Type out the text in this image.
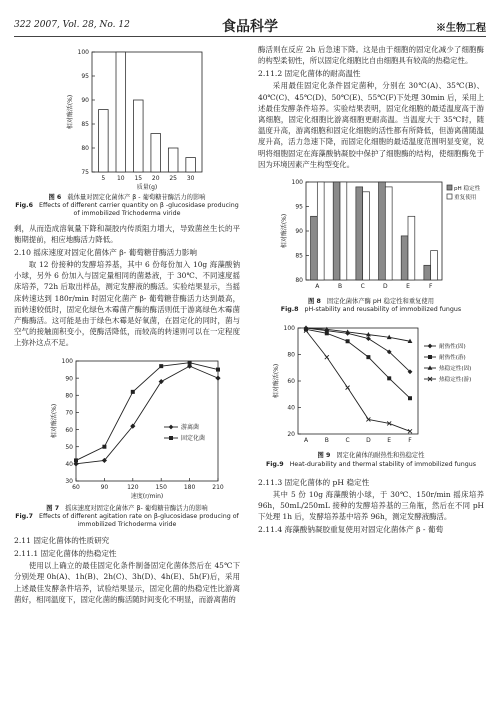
322 2007, Vol. 28, No. 12	食品科学	※生物工程
75
80
85
90
95
100
相对酶活(%)
5 10 15 20 25 30
质量(g)
图 6 载体量对固定化菌体产 β - 葡萄糖苷酶活力的影响
Fig.6 Effects of different carrier quantity on β -glucosidase producing of immobilized Trichoderma viride

剩，从而造成溶氧量下降和凝胶内传质阻力增大，导致菌丝生长的平衡期提前，相应地酶活力降低。

2.10 摇床速度对固定化菌体产 β- 葡萄糖苷酶活力影响

取 12 份接种的发酵培养基，其中 6 份每份加入 10g 海藻酸钠小球，另外 6 份加入与固定量相同的菌悬液，于 30℃、不同速度摇床培养，72h 后取出样品，测定发酵液的酶活。实验结果显示，当摇床转速达到 180r/min 时固定化菌产 β- 葡萄糖苷酶活力达到最高，而转速较低时，固定化绿色木霉菌产酶的酶活则低于游离绿色木霉菌产酶酶活。这可能是由于绿色木霉是好氧菌，在固定化的同时，菌与空气的接触面积变小，使酶活降低，而较高的转速则可以在一定程度上弥补这点不足。

30
40
50
60
70
80
90
100
相对酶活(%)
60	90	120	150	180	210
游离菌
固定化菌
速度(r/min)
图 7 摇床速度对固定化菌体产 β- 葡萄糖苷酶活力的影响
Fig.7 Effects of different agitation rate on β-glucosidase producing of immobilized Trichoderma viride
2.11 固定化菌体的性质研究
2.11.1 固定化菌体的热稳定性

使用以上确立的最佳固定化条件制备固定化菌体然后在 45℃下分别处理 0h(A)、1h(B)、2h(C)、3h(D)、4h(E)、5h(F)后，采用上述最佳发酵条件培养，试验结果显示，固定化菌的热稳定性比游离菌好，相同温度下，固定化菌的酶活随时间变化不明显，而游离菌的

酶活则在反应 2h 后急速下降。这是由于细胞的固定化减少了细胞酶的构型柔韧性，所以固定化细胞比自由细胞具有较高的热稳定性。

2.11.2 固定化菌体的耐高温性

采用最佳固定化条件固定菌种，分别在 30℃(A)、35℃(B)、40℃(C)、45℃(D)、50℃(E)、55℃(F)下处理 30min 后，采用上述最佳发酵条件培养。实验结果表明，固定化细胞的最适温度高于游离细胞，固定化细胞比游离细胞更耐高温。当温度大于 35℃时，随温度升高，游离细胞和固定化细胞的活性都有所降低，但游离菌随温度升高，活力急速下降，而固定化细胞的最适温度范围明显变宽，说明将细胞固定在海藻酸钠凝胶中保护了细胞酶的结构，使细胞酶免于因为环境因素产生构型变化。

80
85
90
95
100
相对酶活(%)
A	B	C	D	E	F
pH 稳定性
重复使用
图 8 固定化菌体产酶 pH 稳定性和重复使用
Fig.8 pH-stability and reusability of immobilized fungus
20
40
60
80
100
相对酶活(%)
A	B	C	D	E	F
耐热性(固)
耐热性(游)
热稳定性(固)
热稳定性(游)
图 9 固定化菌体的耐热性和热稳定性
Fig.9 Heat-durability and thermal stability of immobilized fungus
2.11.3 固定化菌体的 pH 稳定性

其中 5 份 10g 海藻酸钠小球，于 30℃、150r/min 摇床培养 96h，50mL/250mL 接种的发酵培养基的三角瓶，然后在不同 pH 下处理 1h 后，发酵培养基中培养 96h，测定发酵液酶活。

2.11.4 海藻酸钠凝胶重复使用对固定化菌体产 β - 葡萄
